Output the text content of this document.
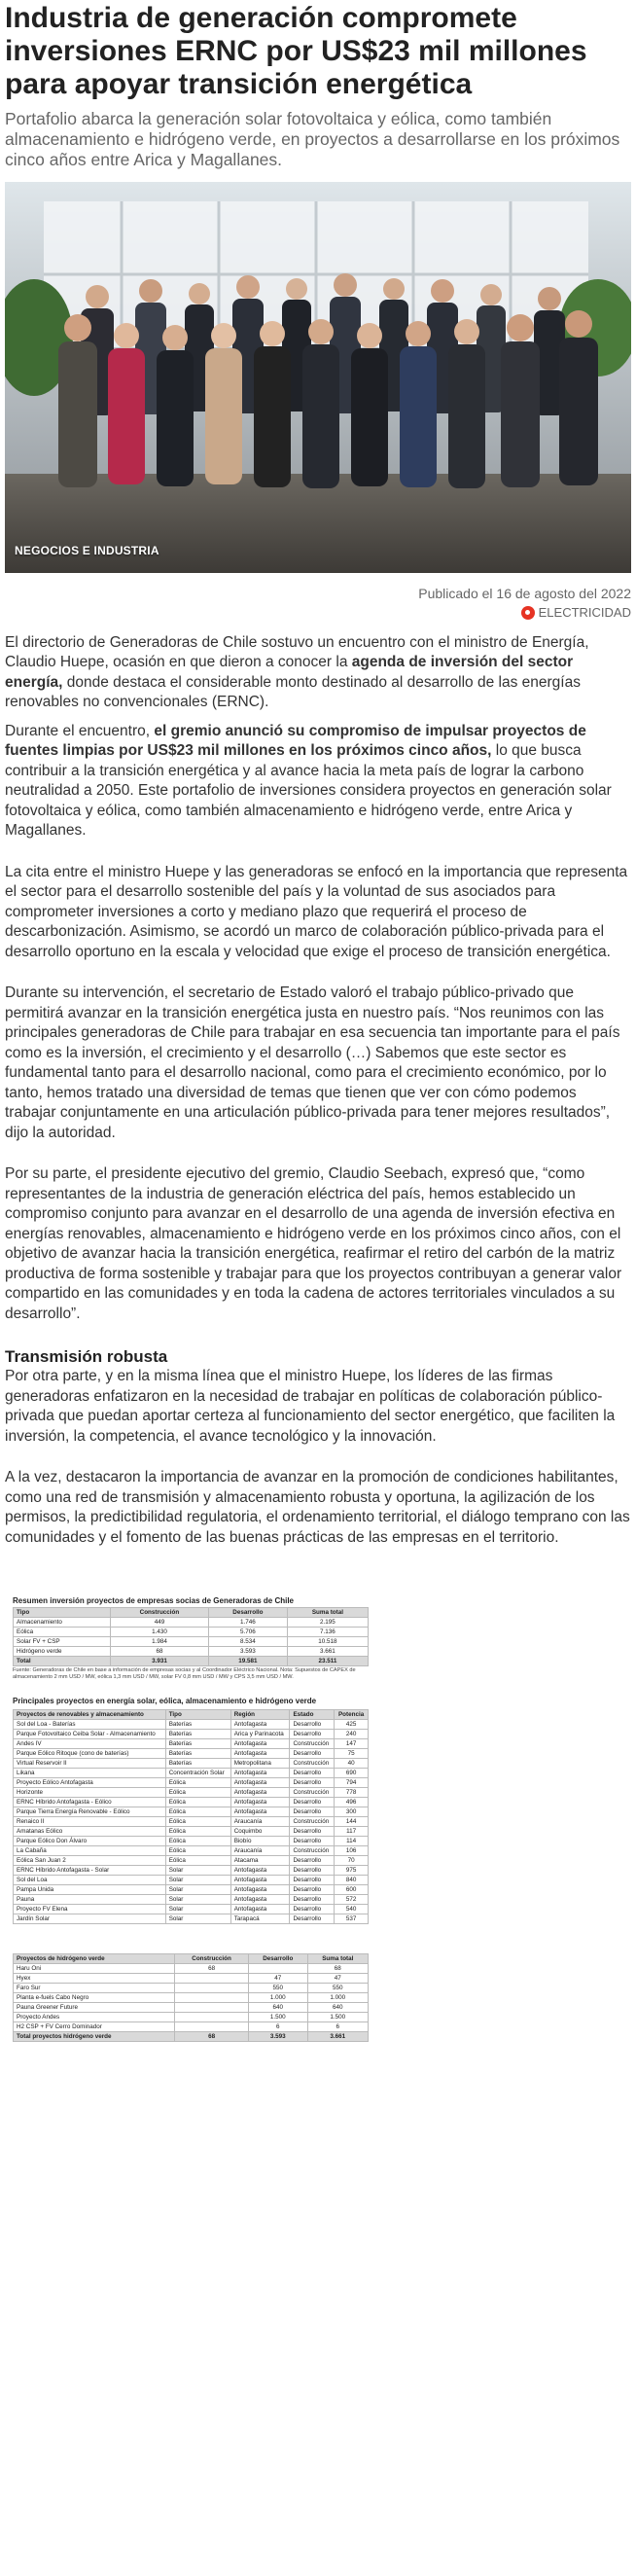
Industria de generación compromete inversiones ERNC por US$23 mil millones para apoyar transición energética

Portafolio abarca la generación solar fotovoltaica y eólica, como también almacenamiento e hidrógeno verde, en proyectos a desarrollarse en los próximos cinco años entre Arica y Magallanes.

NEGOCIOS E INDUSTRIA
Publicado el 16 de agosto del 2022
ELECTRICIDAD

El directorio de Generadoras de Chile sostuvo un encuentro con el ministro de Energía, Claudio Huepe, ocasión en que dieron a conocer la agenda de inversión del sector energía, donde destaca el considerable monto destinado al desarrollo de las energías renovables no convencionales (ERNC).

Durante el encuentro, el gremio anunció su compromiso de impulsar proyectos de fuentes limpias por US$23 mil millones en los próximos cinco años, lo que busca contribuir a la transición energética y al avance hacia la meta país de lograr la carbono neutralidad a 2050. Este portafolio de inversiones considera proyectos en generación solar fotovoltaica y eólica, como también almacenamiento e hidrógeno verde, entre Arica y Magallanes.

La cita entre el ministro Huepe y las generadoras se enfocó en la importancia que representa el sector para el desarrollo sostenible del país y la voluntad de sus asociados para comprometer inversiones a corto y mediano plazo que requerirá el proceso de descarbonización. Asimismo, se acordó un marco de colaboración público-privada para el desarrollo oportuno en la escala y velocidad que exige el proceso de transición energética.

Durante su intervención, el secretario de Estado valoró el trabajo público-privado que permitirá avanzar en la transición energética justa en nuestro país. “Nos reunimos con las principales generadoras de Chile para trabajar en esa secuencia tan importante para el país como es la inversión, el crecimiento y el desarrollo (…) Sabemos que este sector es fundamental tanto para el desarrollo nacional, como para el crecimiento económico, por lo tanto, hemos tratado una diversidad de temas que tienen que ver con cómo podemos trabajar conjuntamente en una articulación público-privada para tener mejores resultados”, dijo la autoridad.

Por su parte, el presidente ejecutivo del gremio, Claudio Seebach, expresó que, “como representantes de la industria de generación eléctrica del país, hemos establecido un compromiso conjunto para avanzar en el desarrollo de una agenda de inversión efectiva en energías renovables, almacenamiento e hidrógeno verde en los próximos cinco años, con el objetivo de avanzar hacia la transición energética, reafirmar el retiro del carbón de la matriz productiva de forma sostenible y trabajar para que los proyectos contribuyan a generar valor compartido en las comunidades y en toda la cadena de actores territoriales vinculados a su desarrollo”.

Transmisión robusta

Por otra parte, y en la misma línea que el ministro Huepe, los líderes de las firmas generadoras enfatizaron en la necesidad de trabajar en políticas de colaboración público-privada que puedan aportar certeza al funcionamiento del sector energético, que faciliten la inversión, la competencia, el avance tecnológico y la innovación.

A la vez, destacaron la importancia de avanzar en la promoción de condiciones habilitantes, como una red de transmisión y almacenamiento robusta y oportuna, la agilización de los permisos, la predictibilidad regulatoria, el ordenamiento territorial, el diálogo temprano con las comunidades y el fomento de las buenas prácticas de las empresas en el territorio.

Resumen inversión proyectos de empresas socias de Generadoras de Chile
Tipo	Construcción	Desarrollo	Suma total
Almacenamiento	449	1.746	2.195
Eólica	1.430	5.706	7.136
Solar FV + CSP	1.984	8.534	10.518
Hidrógeno verde	68	3.593	3.661
Total	3.931	19.581	23.511
Fuente: Generadoras de Chile en base a información de empresas socias y al Coordinador Eléctrico Nacional. Nota: Supuestos de CAPEX de almacenamiento 2 mm USD / MW, eólica 1,3 mm USD / MW, solar FV 0,8 mm USD / MW y CPS 3,5 mm USD / MW.
Principales proyectos en energía solar, eólica, almacenamiento e hidrógeno verde
Proyectos de renovables y almacenamiento	Tipo	Región	Estado	Potencia
Sol del Loa - Baterías	Baterías	Antofagasta	Desarrollo	425
Parque Fotovoltaico Ceiba Solar - Almacenamiento	Baterías	Arica y Parinacota	Desarrollo	240
Andes IV	Baterías	Antofagasta	Construcción	147
Parque Eólico Ritoque (cono de baterías)	Baterías	Antofagasta	Desarrollo	75
Virtual Reservoir II	Baterías	Metropolitana	Construcción	40
Likana	Concentración Solar	Antofagasta	Desarrollo	690
Proyecto Eólico Antofagasta	Eólica	Antofagasta	Desarrollo	794
Horizonte	Eólica	Antofagasta	Construcción	778
ERNC Híbrido Antofagasta - Eólico	Eólica	Antofagasta	Desarrollo	496
Parque Tierra Energía Renovable - Eólico	Eólica	Antofagasta	Desarrollo	300
Renaico II	Eólica	Araucanía	Construcción	144
Amatanas Eólico	Eólica	Coquimbo	Desarrollo	117
Parque Eólico Don Álvaro	Eólica	Biobío	Desarrollo	114
La Cabaña	Eólica	Araucanía	Construcción	106
Eólica San Juan 2	Eólica	Atacama	Desarrollo	70
ERNC Híbrido Antofagasta - Solar	Solar	Antofagasta	Desarrollo	975
Sol del Loa	Solar	Antofagasta	Desarrollo	840
Pampa Unida	Solar	Antofagasta	Desarrollo	600
Pauna	Solar	Antofagasta	Desarrollo	572
Proyecto FV Elena	Solar	Antofagasta	Desarrollo	540
Jardín Solar	Solar	Tarapacá	Desarrollo	537
Proyectos de hidrógeno verde	Construcción	Desarrollo	Suma total
Haru Oni	68		68
Hyex		47	47
Faro Sur		550	550
Planta e-fuels Cabo Negro		1.000	1.000
Pauna Greener Future		640	640
Proyecto Andes		1.500	1.500
H2 CSP + FV Cerro Dominador		6	6
Total proyectos hidrógeno verde	68	3.593	3.661
